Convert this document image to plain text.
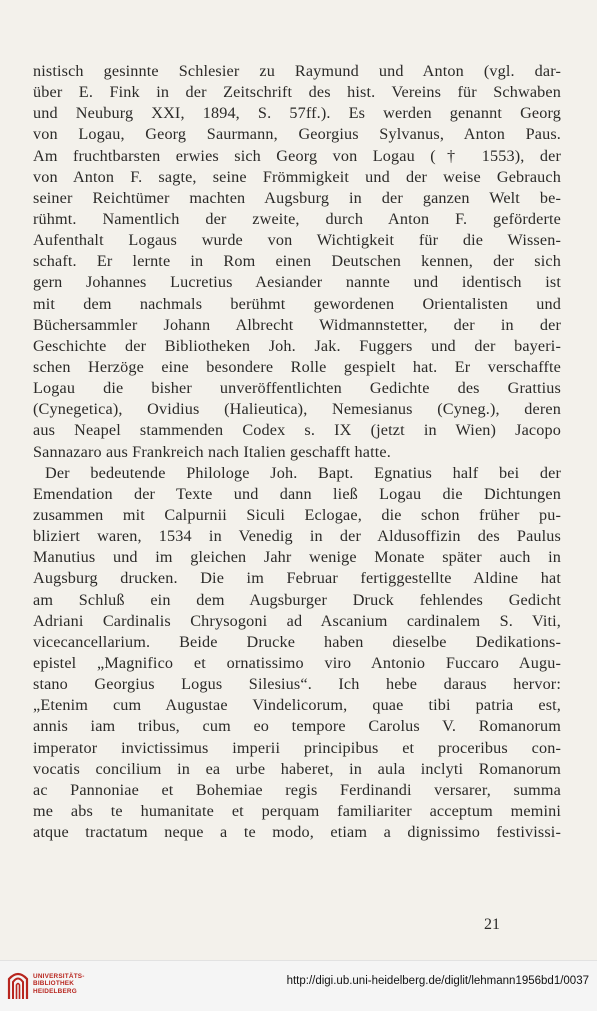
nistisch gesinnte Schlesier zu Raymund und Anton (vgl. dar-
über E. Fink in der Zeitschrift des hist. Vereins für Schwaben
und Neuburg XXI, 1894, S. 57ff.). Es werden genannt Georg
von Logau, Georg Saurmann, Georgius Sylvanus, Anton Paus.
Am fruchtbarsten erwies sich Georg von Logau († 1553), der
von Anton F. sagte, seine Frömmigkeit und der weise Gebrauch
seiner Reichtümer machten Augsburg in der ganzen Welt be-
rühmt. Namentlich der zweite, durch Anton F. geförderte
Aufenthalt Logaus wurde von Wichtigkeit für die Wissen-
schaft. Er lernte in Rom einen Deutschen kennen, der sich
gern Johannes Lucretius Aesiander nannte und identisch ist
mit dem nachmals berühmt gewordenen Orientalisten und
Büchersammler Johann Albrecht Widmannstetter, der in der
Geschichte der Bibliotheken Joh. Jak. Fuggers und der bayeri-
schen Herzöge eine besondere Rolle gespielt hat. Er verschaffte
Logau die bisher unveröffentlichten Gedichte des Grattius
(Cynegetica), Ovidius (Halieutica), Nemesianus (Cyneg.), deren
aus Neapel stammenden Codex s. IX (jetzt in Wien) Jacopo
Sannazaro aus Frankreich nach Italien geschafft hatte.
Der bedeutende Philologe Joh. Bapt. Egnatius half bei der
Emendation der Texte und dann ließ Logau die Dichtungen
zusammen mit Calpurnii Siculi Eclogae, die schon früher pu-
bliziert waren, 1534 in Venedig in der Aldusoffizin des Paulus
Manutius und im gleichen Jahr wenige Monate später auch in
Augsburg drucken. Die im Februar fertiggestellte Aldine hat
am Schluß ein dem Augsburger Druck fehlendes Gedicht
Adriani Cardinalis Chrysogoni ad Ascanium cardinalem S. Viti,
vicecancellarium. Beide Drucke haben dieselbe Dedikations-
epistel „Magnifico et ornatissimo viro Antonio Fuccaro Augu-
stano Georgius Logus Silesius“. Ich hebe daraus hervor:
„Etenim cum Augustae Vindelicorum, quae tibi patria est,
annis iam tribus, cum eo tempore Carolus V. Romanorum
imperator invictissimus imperii principibus et proceribus con-
vocatis concilium in ea urbe haberet, in aula inclyti Romanorum
ac Pannoniae et Bohemiae regis Ferdinandi versarer, summa
me abs te humanitate et perquam familiariter acceptum memini
atque tractatum neque a te modo, etiam a dignissimo festivissi-
21
UNIVERSITÄTS-
BIBLIOTHEK
HEIDELBERG
http://digi.ub.uni-heidelberg.de/diglit/lehmann1956bd1/0037
